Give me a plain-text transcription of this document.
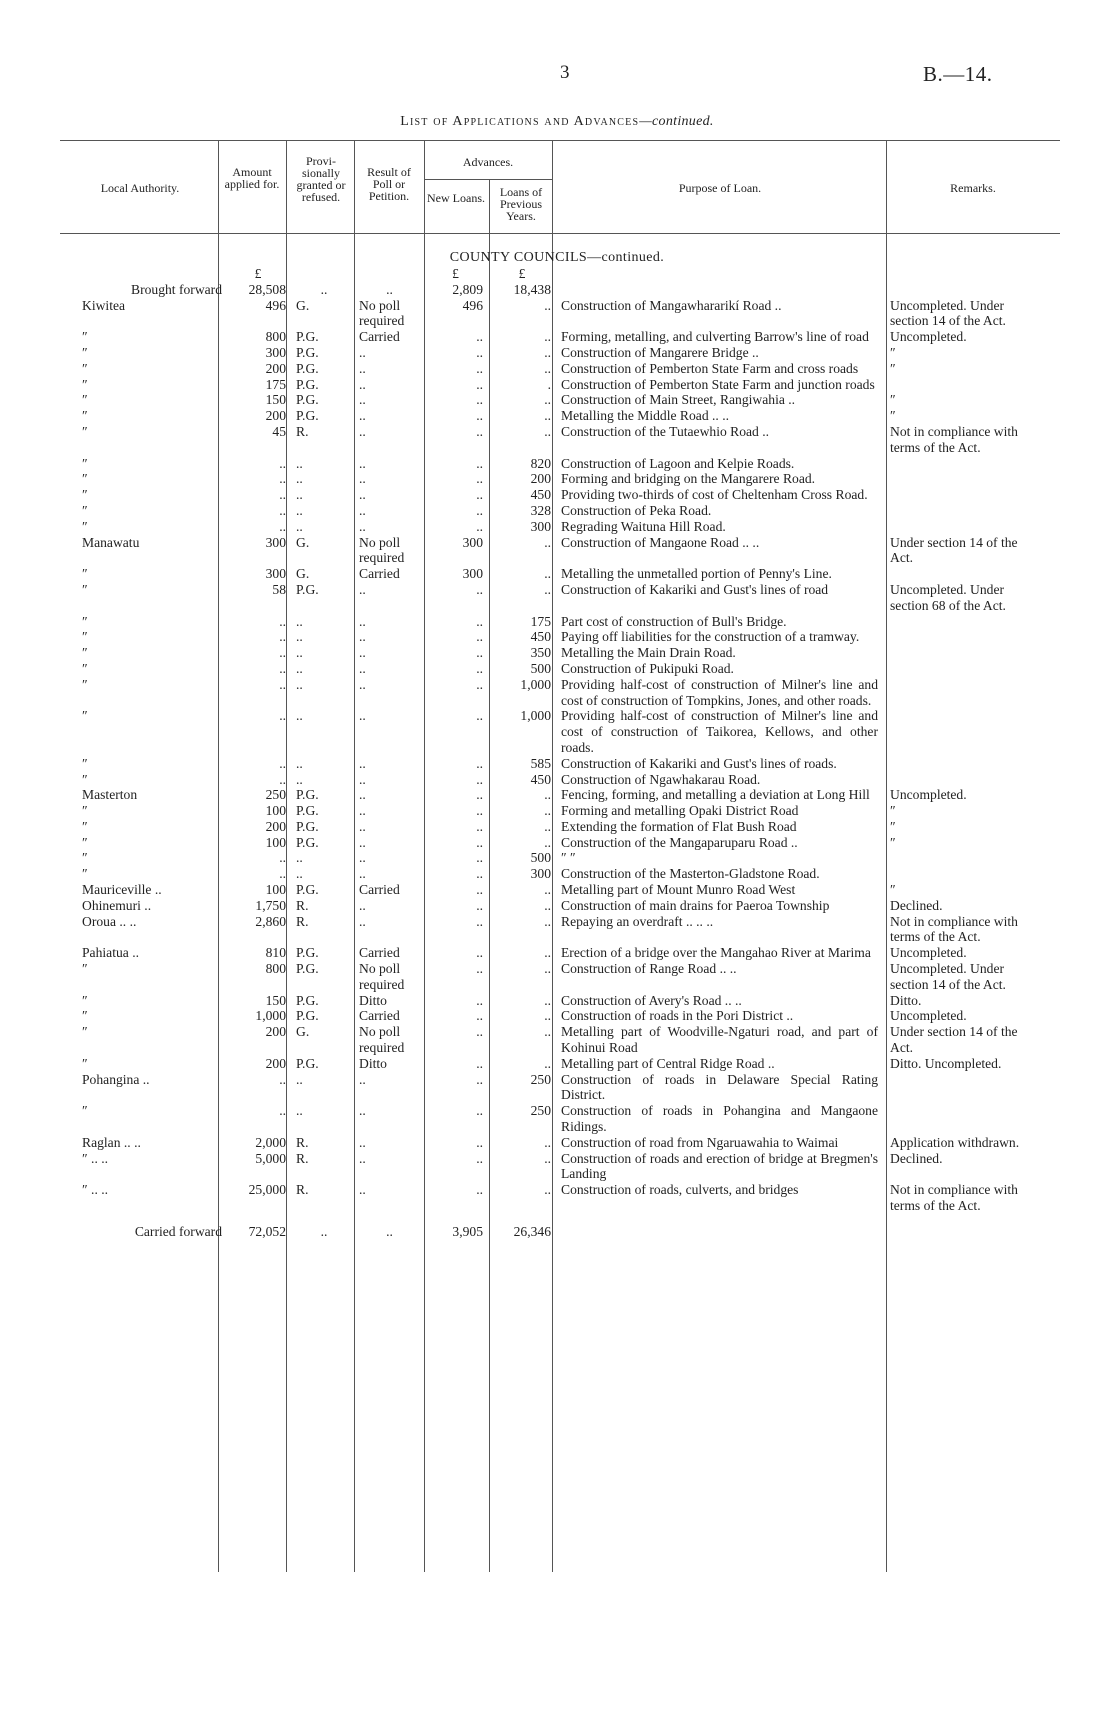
3	B.—14.
List of Applications and Advances—continued.
Local Authority.
Amount applied for.
Provi- sionally granted or refused.
Result of Poll or Petition.
Advances.
New Loans.	Loans of Previous Years.
Purpose of Loan.	Remarks.
COUNTY COUNCILS—continued.
	£			£	£		
Brought forward	28,508	..	..	2,809	18,438		
Kiwitea	496	G.	No poll required	496	..	Construction of Mangawhararikí Road ..	Uncompleted. Under section 14 of the Act.
″	800	P.G.	Carried	..	..	Forming, metalling, and culverting Barrow's line of road	Uncompleted.
″	300	P.G.	..	..	..	Construction of Mangarere Bridge ..	″
″	200	P.G.	..	..	..	Construction of Pemberton State Farm and cross roads	″
″	175	P.G.	..	..	.	Construction of Pemberton State Farm and junction roads	
″	150	P.G.	..	..	..	Construction of Main Street, Rangiwahia ..	″
″	200	P.G.	..	..	..	Metalling the Middle Road .. ..	″
″	45	R.	..	..	..	Construction of the Tutaewhio Road ..	Not in compliance with terms of the Act.
″	..	..	..	..	820	Construction of Lagoon and Kelpie Roads.	
″	..	..	..	..	200	Forming and bridging on the Mangarere Road.	
″	..	..	..	..	450	Providing two-thirds of cost of Cheltenham Cross Road.	
″	..	..	..	..	328	Construction of Peka Road.	
″	..	..	..	..	300	Regrading Waituna Hill Road.	
Manawatu	300	G.	No poll required	300	..	Construction of Mangaone Road .. ..	Under section 14 of the Act.
″	300	G.	Carried	300	..	Metalling the unmetalled portion of Penny's Line.	
″	58	P.G.	..	..	..	Construction of Kakariki and Gust's lines of road	Uncompleted. Under section 68 of the Act.
″	..	..	..	..	175	Part cost of construction of Bull's Bridge.	
″	..	..	..	..	450	Paying off liabilities for the construction of a tramway.	
″	..	..	..	..	350	Metalling the Main Drain Road.	
″	..	..	..	..	500	Construction of Pukipuki Road.	
″	..	..	..	..	1,000	Providing half-cost of construction of Milner's line and cost of construction of Tompkins, Jones, and other roads.	
″	..	..	..	..	1,000	Providing half-cost of construction of Milner's line and cost of construction of Taikorea, Kellows, and other roads.	
″	..	..	..	..	585	Construction of Kakariki and Gust's lines of roads.	
″	..	..	..	..	450	Construction of Ngawhakarau Road.	
Masterton	250	P.G.	..	..	..	Fencing, forming, and metalling a deviation at Long Hill	Uncompleted.
″	100	P.G.	..	..	..	Forming and metalling Opaki District Road	″
″	200	P.G.	..	..	..	Extending the formation of Flat Bush Road	″
″	100	P.G.	..	..	..	Construction of the Mangaparuparu Road ..	″
″	..	..	..	..	500	″ ″	
″	..	..	..	..	300	Construction of the Masterton-Gladstone Road.	
Mauriceville ..	100	P.G.	Carried	..	..	Metalling part of Mount Munro Road West	″
Ohinemuri ..	1,750	R.	..	..	..	Construction of main drains for Paeroa Township	Declined.
Oroua .. ..	2,860	R.	..	..	..	Repaying an overdraft .. .. ..	Not in compliance with terms of the Act.
Pahiatua ..	810	P.G.	Carried	..	..	Erection of a bridge over the Mangahao River at Marima	Uncompleted.
″	800	P.G.	No poll required	..	..	Construction of Range Road .. ..	Uncompleted. Under section 14 of the Act.
″	150	P.G.	Ditto	..	..	Construction of Avery's Road .. ..	Ditto.
″	1,000	P.G.	Carried	..	..	Construction of roads in the Pori District ..	Uncompleted.
″	200	G.	No poll required	..	..	Metalling part of Woodville-Ngaturi road, and part of Kohinui Road	Under section 14 of the Act.
″	200	P.G.	Ditto	..	..	Metalling part of Central Ridge Road ..	Ditto. Uncompleted.
Pohangina ..	..	..	..	..	250	Construction of roads in Delaware Special Rating District.	
″	..	..	..	..	250	Construction of roads in Pohangina and Mangaone Ridings.	
Raglan .. ..	2,000	R.	..	..	..	Construction of road from Ngaruawahia to Waimai	Application withdrawn.
″ .. ..	5,000	R.	..	..	..	Construction of roads and erection of bridge at Bregmen's Landing	Declined.
″ .. ..	25,000	R.	..	..	..	Construction of roads, culverts, and bridges	Not in compliance with terms of the Act.
Carried forward	72,052	..	..	3,905	26,346		
